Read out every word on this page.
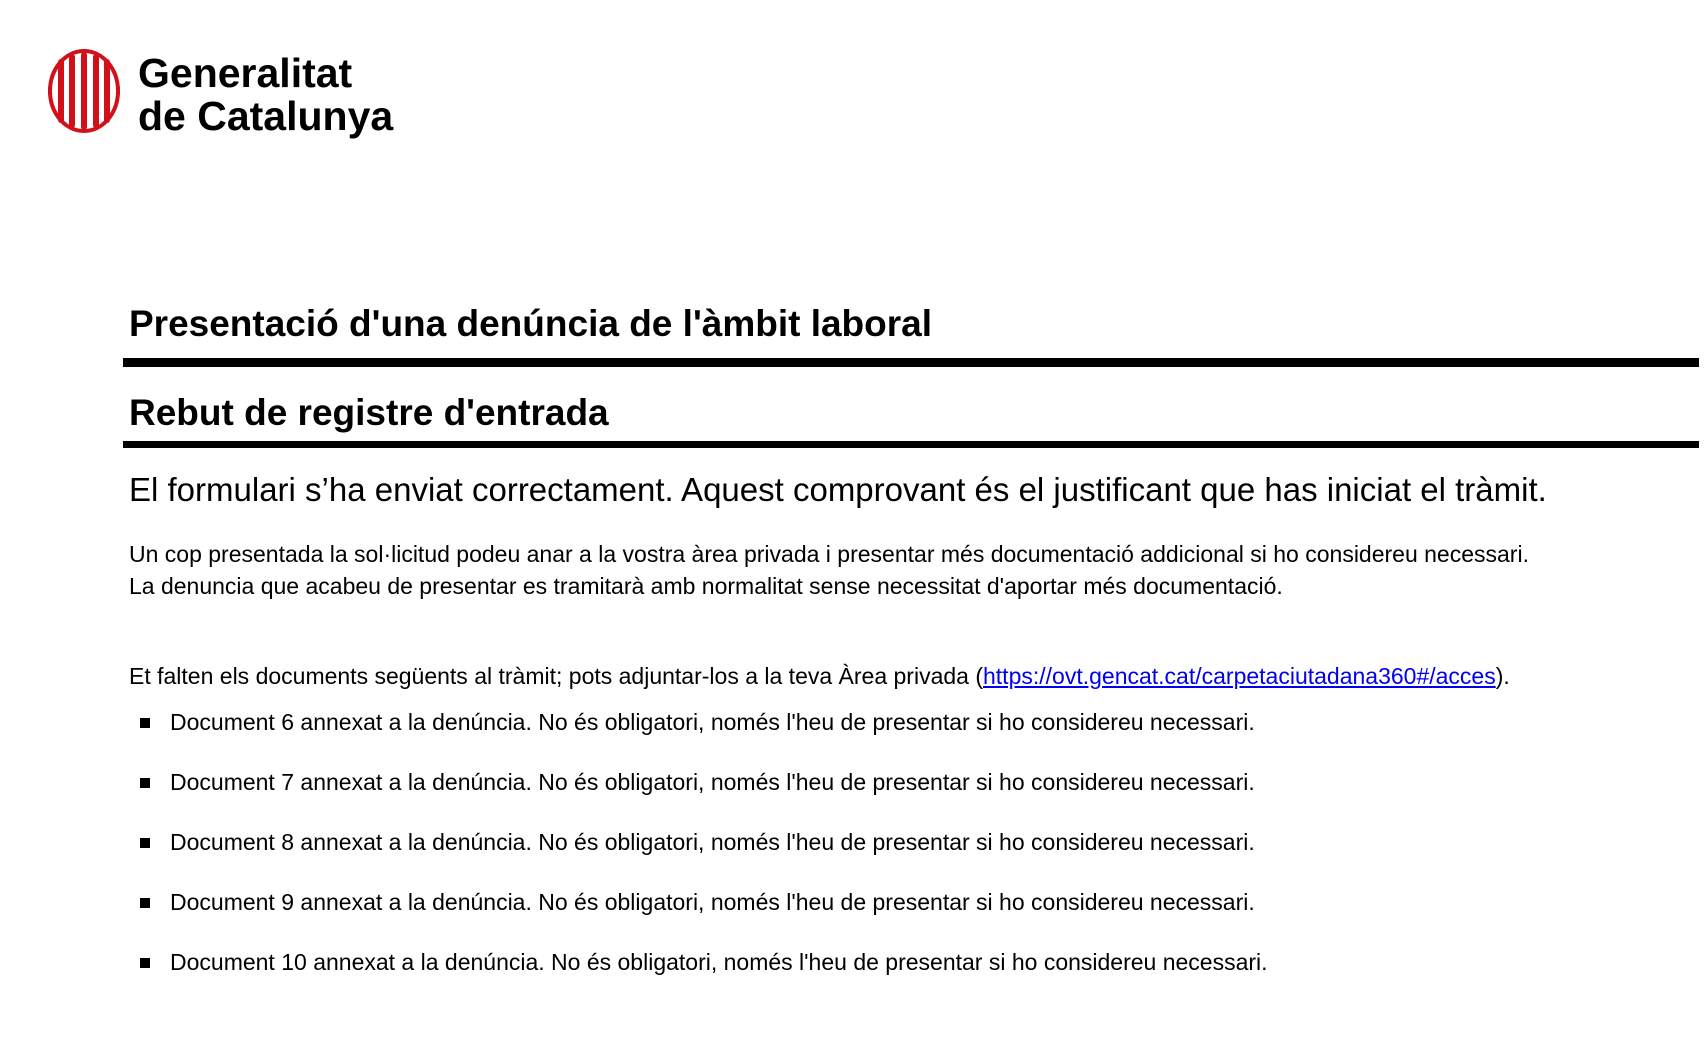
Generalitat
de Catalunya
Presentació d'una denúncia de l'àmbit laboral
Rebut de registre d'entrada

El formulari s’ha enviat correctament. Aquest comprovant és el justificant que has iniciat el tràmit.

Un cop presentada la sol·licitud podeu anar a la vostra àrea privada i presentar més documentació addicional si ho considereu necessari.
La denuncia que acabeu de presentar es tramitarà amb normalitat sense necessitat d'aportar més documentació.

Et falten els documents següents al tràmit; pots adjuntar-los a la teva Àrea privada (https://ovt.gencat.cat/carpetaciutadana360#/acces).

Document 6 annexat a la denúncia. No és obligatori, només l'heu de presentar si ho considereu necessari.
Document 7 annexat a la denúncia. No és obligatori, només l'heu de presentar si ho considereu necessari.
Document 8 annexat a la denúncia. No és obligatori, només l'heu de presentar si ho considereu necessari.
Document 9 annexat a la denúncia. No és obligatori, només l'heu de presentar si ho considereu necessari.
Document 10 annexat a la denúncia. No és obligatori, només l'heu de presentar si ho considereu necessari.
